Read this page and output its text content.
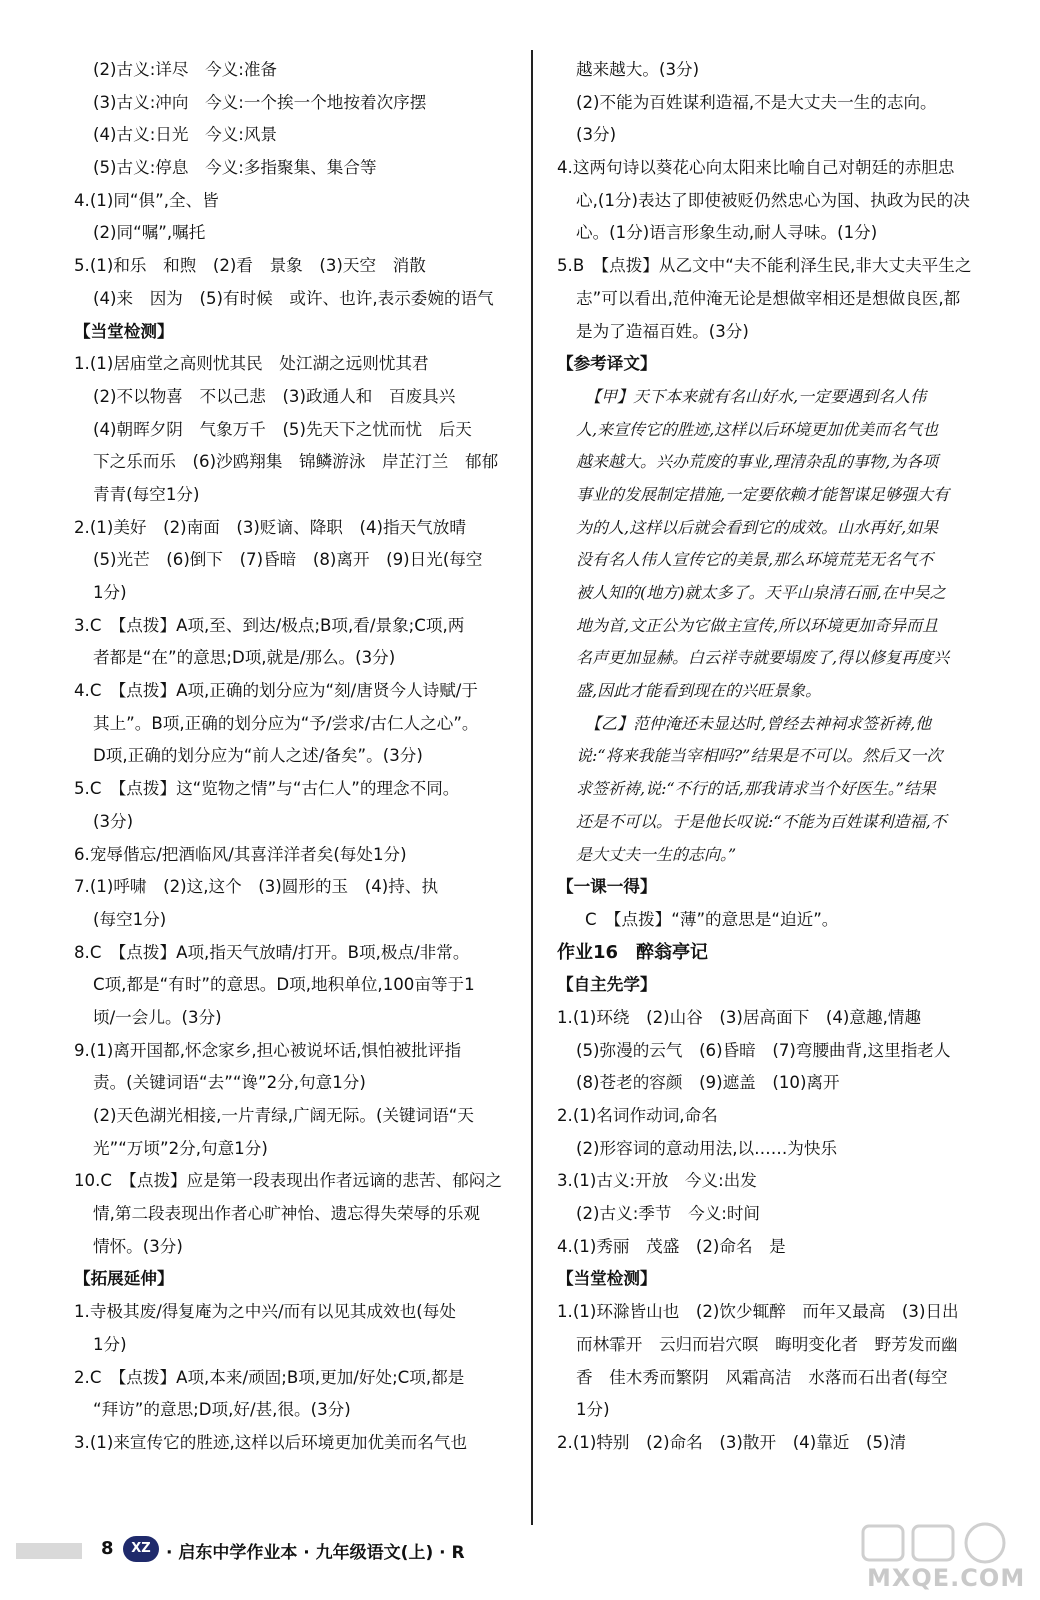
(2)古义:详尽　今义:准备
(3)古义:冲向　今义:一个挨一个地按着次序摆
(4)古义:日光　今义:风景
(5)古义:停息　今义:多指聚集、集合等
4.(1)同“俱”,全、皆
(2)同“嘱”,嘱托
5.(1)和乐　和煦　(2)看　景象　(3)天空　消散
(4)来　因为　(5)有时候　或许、也许,表示委婉的语气
【当堂检测】
1.(1)居庙堂之高则忧其民　处江湖之远则忧其君
(2)不以物喜　不以己悲　(3)政通人和　百废具兴
(4)朝晖夕阴　气象万千　(5)先天下之忧而忧　后天
下之乐而乐　(6)沙鸥翔集　锦鳞游泳　岸芷汀兰　郁郁
青青(每空1分)
2.(1)美好　(2)南面　(3)贬谪、降职　(4)指天气放晴
(5)光芒　(6)倒下　(7)昏暗　(8)离开　(9)日光(每空
1分)
3.C　【点拨】A项,至、到达/极点;B项,看/景象;C项,两
者都是“在”的意思;D项,就是/那么。(3分)
4.C　【点拨】A项,正确的划分应为“刻/唐贤今人诗赋/于
其上”。B项,正确的划分应为“予/尝求/古仁人之心”。
D项,正确的划分应为“前人之述/备矣”。(3分)
5.C　【点拨】这“览物之情”与“古仁人”的理念不同。
(3分)
6.宠辱偕忘/把酒临风/其喜洋洋者矣(每处1分)
7.(1)呼啸　(2)这,这个　(3)圆形的玉　(4)持、执
(每空1分)
8.C　【点拨】A项,指天气放晴/打开。B项,极点/非常。
C项,都是“有时”的意思。D项,地积单位,100亩等于1
顷/一会儿。(3分)
9.(1)离开国都,怀念家乡,担心被说坏话,惧怕被批评指
责。(关键词语“去”“谗”2分,句意1分)
(2)天色湖光相接,一片青绿,广阔无际。(关键词语“天
光”“万顷”2分,句意1分)
10.C　【点拨】应是第一段表现出作者远谪的悲苦、郁闷之
情,第二段表现出作者心旷神怡、遗忘得失荣辱的乐观
情怀。(3分)
【拓展延伸】
1.寺极其废/得复庵为之中兴/而有以见其成效也(每处
1分)
2.C　【点拨】A项,本来/顽固;B项,更加/好处;C项,都是
“拜访”的意思;D项,好/甚,很。(3分)
3.(1)来宣传它的胜迹,这样以后环境更加优美而名气也
越来越大。(3分)
(2)不能为百姓谋利造福,不是大丈夫一生的志向。
(3分)
4.这两句诗以葵花心向太阳来比喻自己对朝廷的赤胆忠
心,(1分)表达了即使被贬仍然忠心为国、执政为民的决
心。(1分)语言形象生动,耐人寻味。(1分)
5.B　【点拨】从乙文中“夫不能利泽生民,非大丈夫平生之
志”可以看出,范仲淹无论是想做宰相还是想做良医,都
是为了造福百姓。(3分)
【参考译文】
【甲】天下本来就有名山好水,一定要遇到名人伟
人,来宣传它的胜迹,这样以后环境更加优美而名气也
越来越大。兴办荒废的事业,理清杂乱的事物,为各项
事业的发展制定措施,一定要依赖才能智谋足够强大有
为的人,这样以后就会看到它的成效。山水再好,如果
没有名人伟人宣传它的美景,那么环境荒芜无名气不
被人知的(地方)就太多了。天平山泉清石丽,在中吴之
地为首,文正公为它做主宣传,所以环境更加奇异而且
名声更加显赫。白云祥寺就要塌废了,得以修复再度兴
盛,因此才能看到现在的兴旺景象。
【乙】范仲淹还未显达时,曾经去神祠求签祈祷,他
说:“将来我能当宰相吗?”结果是不可以。然后又一次
求签祈祷,说:“不行的话,那我请求当个好医生。”结果
还是不可以。于是他长叹说:“不能为百姓谋利造福,不
是大丈夫一生的志向。”
【一课一得】
C　【点拨】“薄”的意思是“迫近”。
作业16　醉翁亭记
【自主先学】
1.(1)环绕　(2)山谷　(3)居高面下　(4)意趣,情趣
(5)弥漫的云气　(6)昏暗　(7)弯腰曲背,这里指老人
(8)苍老的容颜　(9)遮盖　(10)离开
2.(1)名词作动词,命名
(2)形容词的意动用法,以……为快乐
3.(1)古义:开放　今义:出发
(2)古义:季节　今义:时间
4.(1)秀丽　茂盛　(2)命名　是
【当堂检测】
1.(1)环滁皆山也　(2)饮少辄醉　而年又最高　(3)日出
而林霏开　云归而岩穴暝　晦明变化者　野芳发而幽
香　佳木秀而繁阴　风霜高洁　水落而石出者(每空
1分)
2.(1)特别　(2)命名　(3)散开　(4)靠近　(5)清
8	XZ · 启东中学作业本 · 九年级语文(上) · R
MXQE.COM
